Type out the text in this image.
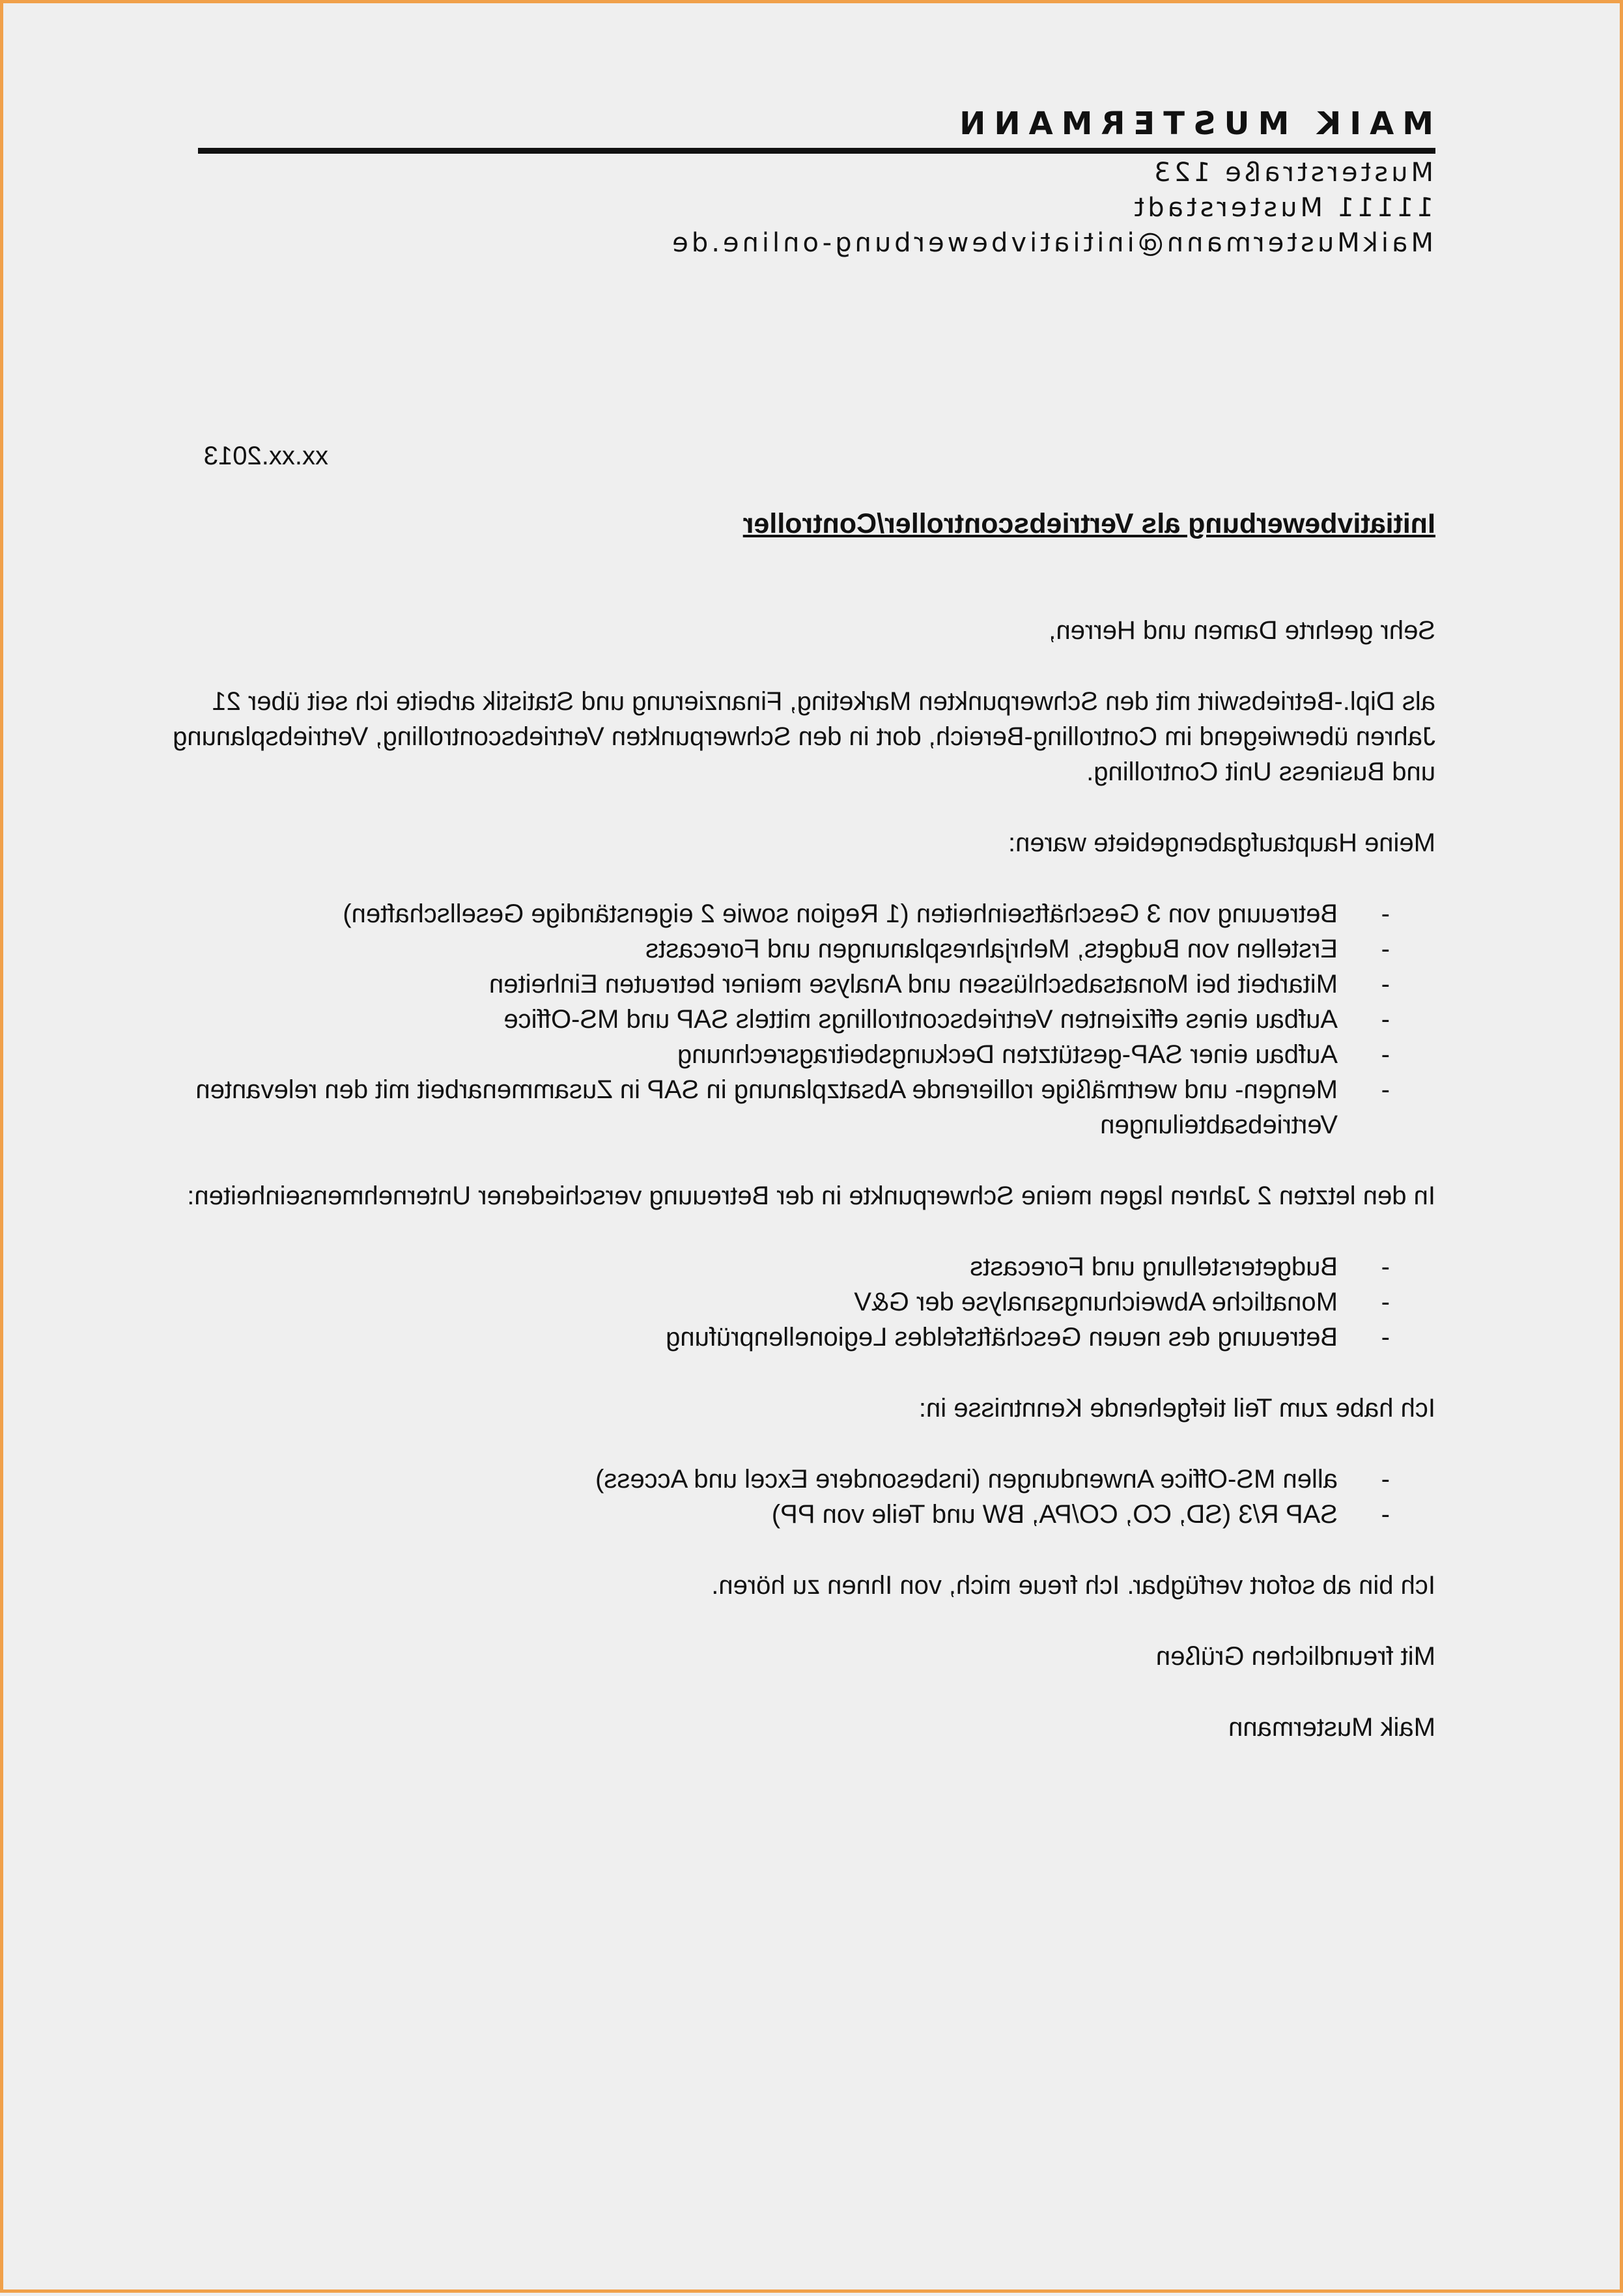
MAIK MUSTERMANN
Musterstraße 123
11111 Musterstadt
MaikMustermann@initiativbewerbung-online.de
xx.xx.2013
Initiativbewerbung als Vertriebscontroller/Controller

Sehr geehrte Damen und Herren,

als Dipl.-Betriebswirt mit den Schwerpunkten Marketing, Finanzierung und Statistik arbeite ich seit über 21 Jahren überwiegend im Controlling-Bereich, dort in den Schwerpunkten Vertriebscontrolling, Vertriebsplanung und Business Unit Controlling.

Meine Hauptaufgabengebiete waren:

- Betreuung von 3 Geschäftseinheiten (1 Region sowie 2 eigenständige Gesellschaften)
- Erstellen von Budgets, Mehrjahresplanungen und Forecasts
- Mitarbeit bei Monatsabschlüssen und Analyse meiner betreuten Einheiten
- Aufbau eines effizienten Vertriebscontrollings mittels SAP und MS-Office
- Aufbau einer SAP-gestützten Deckungsbeitragsrechnung
- Mengen- und wertmäßige rollierende Absatzplanung in SAP in Zusammenarbeit mit den relevanten Vertriebsabteilungen

In den letzten 2 Jahren lagen meine Schwerpunkte in der Betreuung verschiedener Unternehmenseinheiten:

- Budgeterstellung und Forecasts
- Monatliche Abweichungsanalyse der G&V
- Betreuung des neuen Geschäftsfeldes Legionellenprüfung

Ich habe zum Teil tiefgehende Kenntnisse in:

- allen MS-Office Anwendungen (insbesondere Excel und Access)
- SAP R/3 (SD, CO, CO/PA, BW und Teile von PP)

Ich bin ab sofort verfügbar. Ich freue mich, von Ihnen zu hören.

Mit freundlichen Grüßen

Maik Mustermann
